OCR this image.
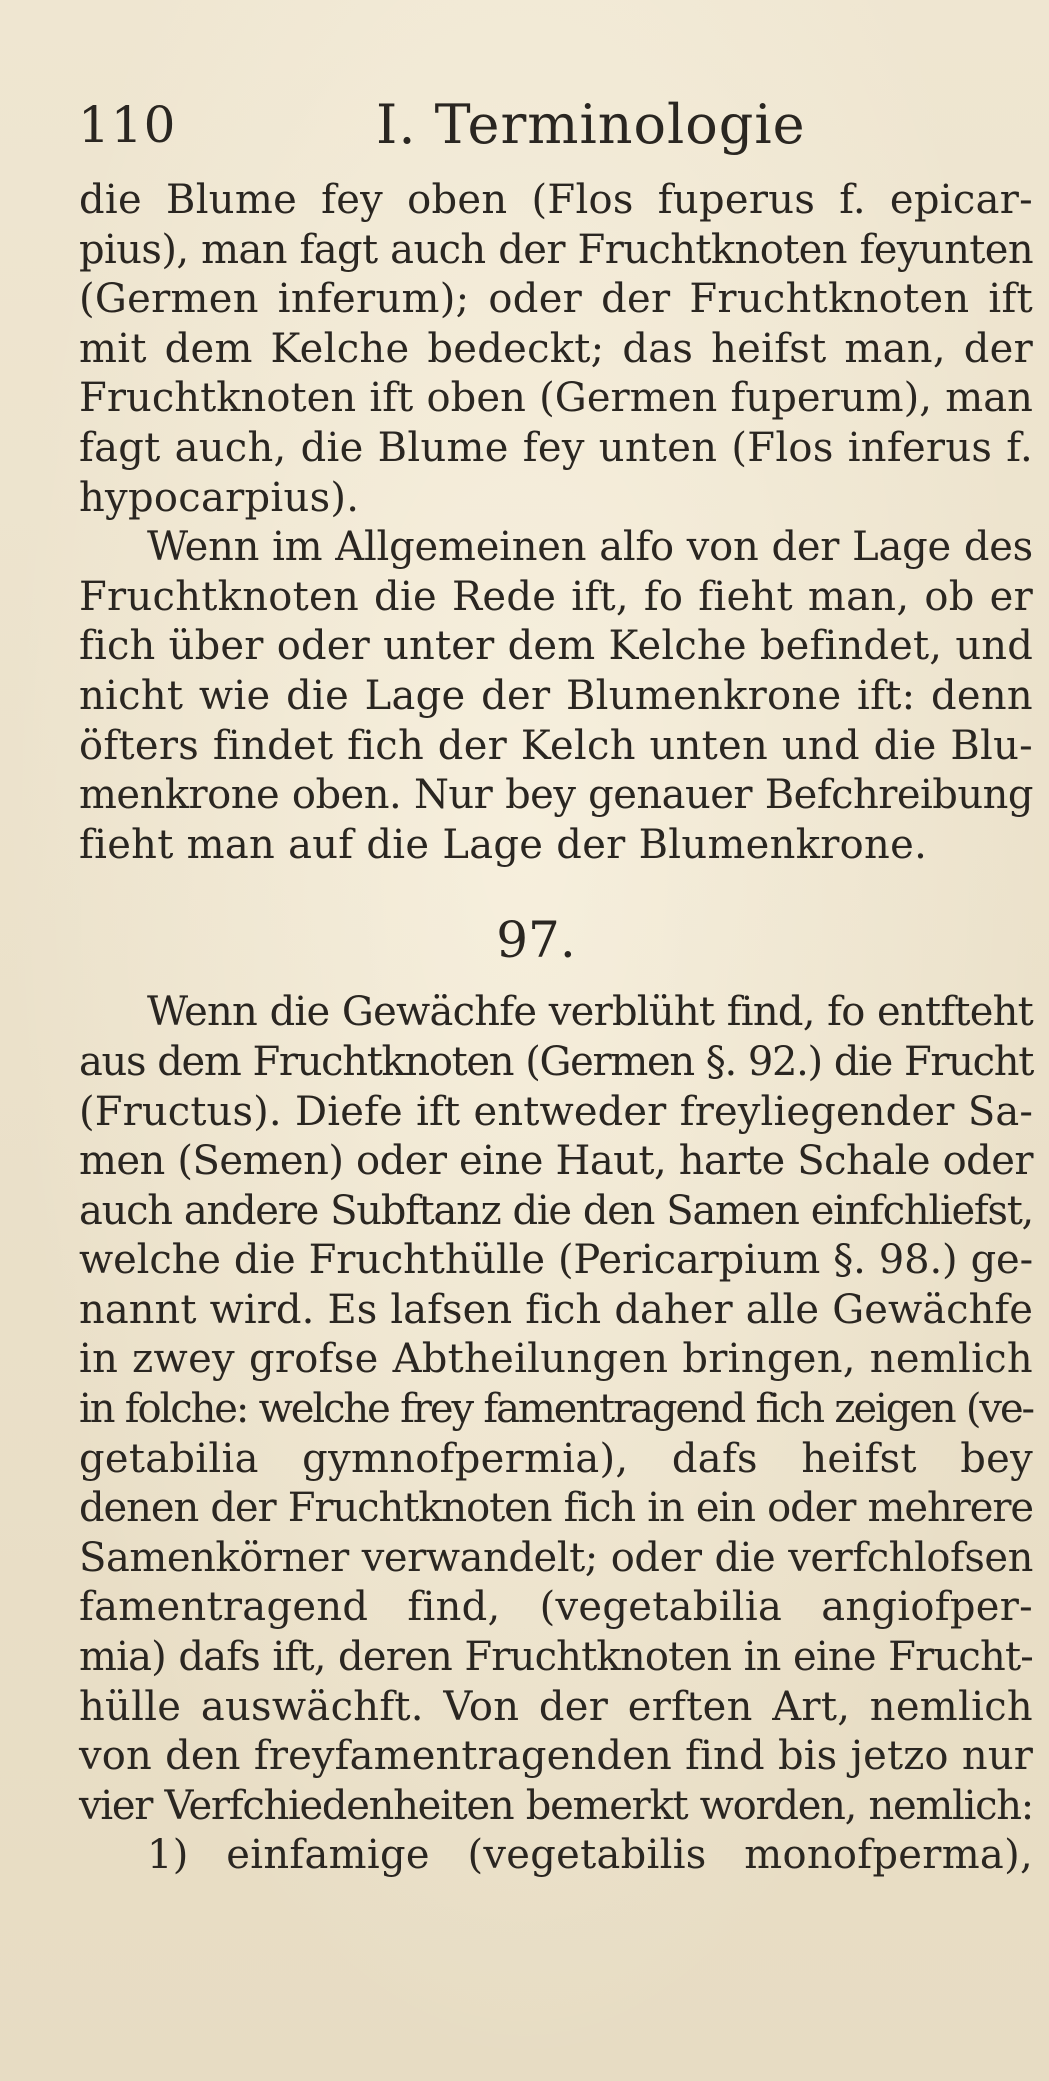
110	I. Terminologie
die Blume fey oben (Flos fuperus f. epicar-
pius), man fagt auch der Fruchtknoten feyunten
(Germen inferum); oder der Fruchtknoten ift
mit dem Kelche bedeckt; das heifst man, der
Fruchtknoten ift oben (Germen fuperum), man
fagt auch, die Blume fey unten (Flos inferus f.
hypocarpius).
Wenn im Allgemeinen alfo von der Lage des
Fruchtknoten die Rede ift, fo fieht man, ob er
fich über oder unter dem Kelche befindet, und
nicht wie die Lage der Blumenkrone ift: denn
öfters findet fich der Kelch unten und die Blu-
menkrone oben. Nur bey genauer Befchreibung
fieht man auf die Lage der Blumenkrone.
97.
Wenn die Gewächfe verblüht find, fo entfteht
aus dem Fruchtknoten (Germen §. 92.) die Frucht
(Fructus). Diefe ift entweder freyliegender Sa-
men (Semen) oder eine Haut, harte Schale oder
auch andere Subftanz die den Samen einfchliefst,
welche die Fruchthülle (Pericarpium §. 98.) ge-
nannt wird. Es lafsen fich daher alle Gewächfe
in zwey grofse Abtheilungen bringen, nemlich
in folche: welche frey famentragend fich zeigen (ve-
getabilia gymnofpermia), dafs heifst bey
denen der Fruchtknoten fich in ein oder mehrere
Samenkörner verwandelt; oder die verfchlofsen
famentragend find, (vegetabilia angiofper-
mia) dafs ift, deren Fruchtknoten in eine Frucht-
hülle auswächft. Von der erften Art, nemlich
von den freyfamentragenden find bis jetzo nur
vier Verfchiedenheiten bemerkt worden, nemlich:
1) einfamige (vegetabilis monofperma),
